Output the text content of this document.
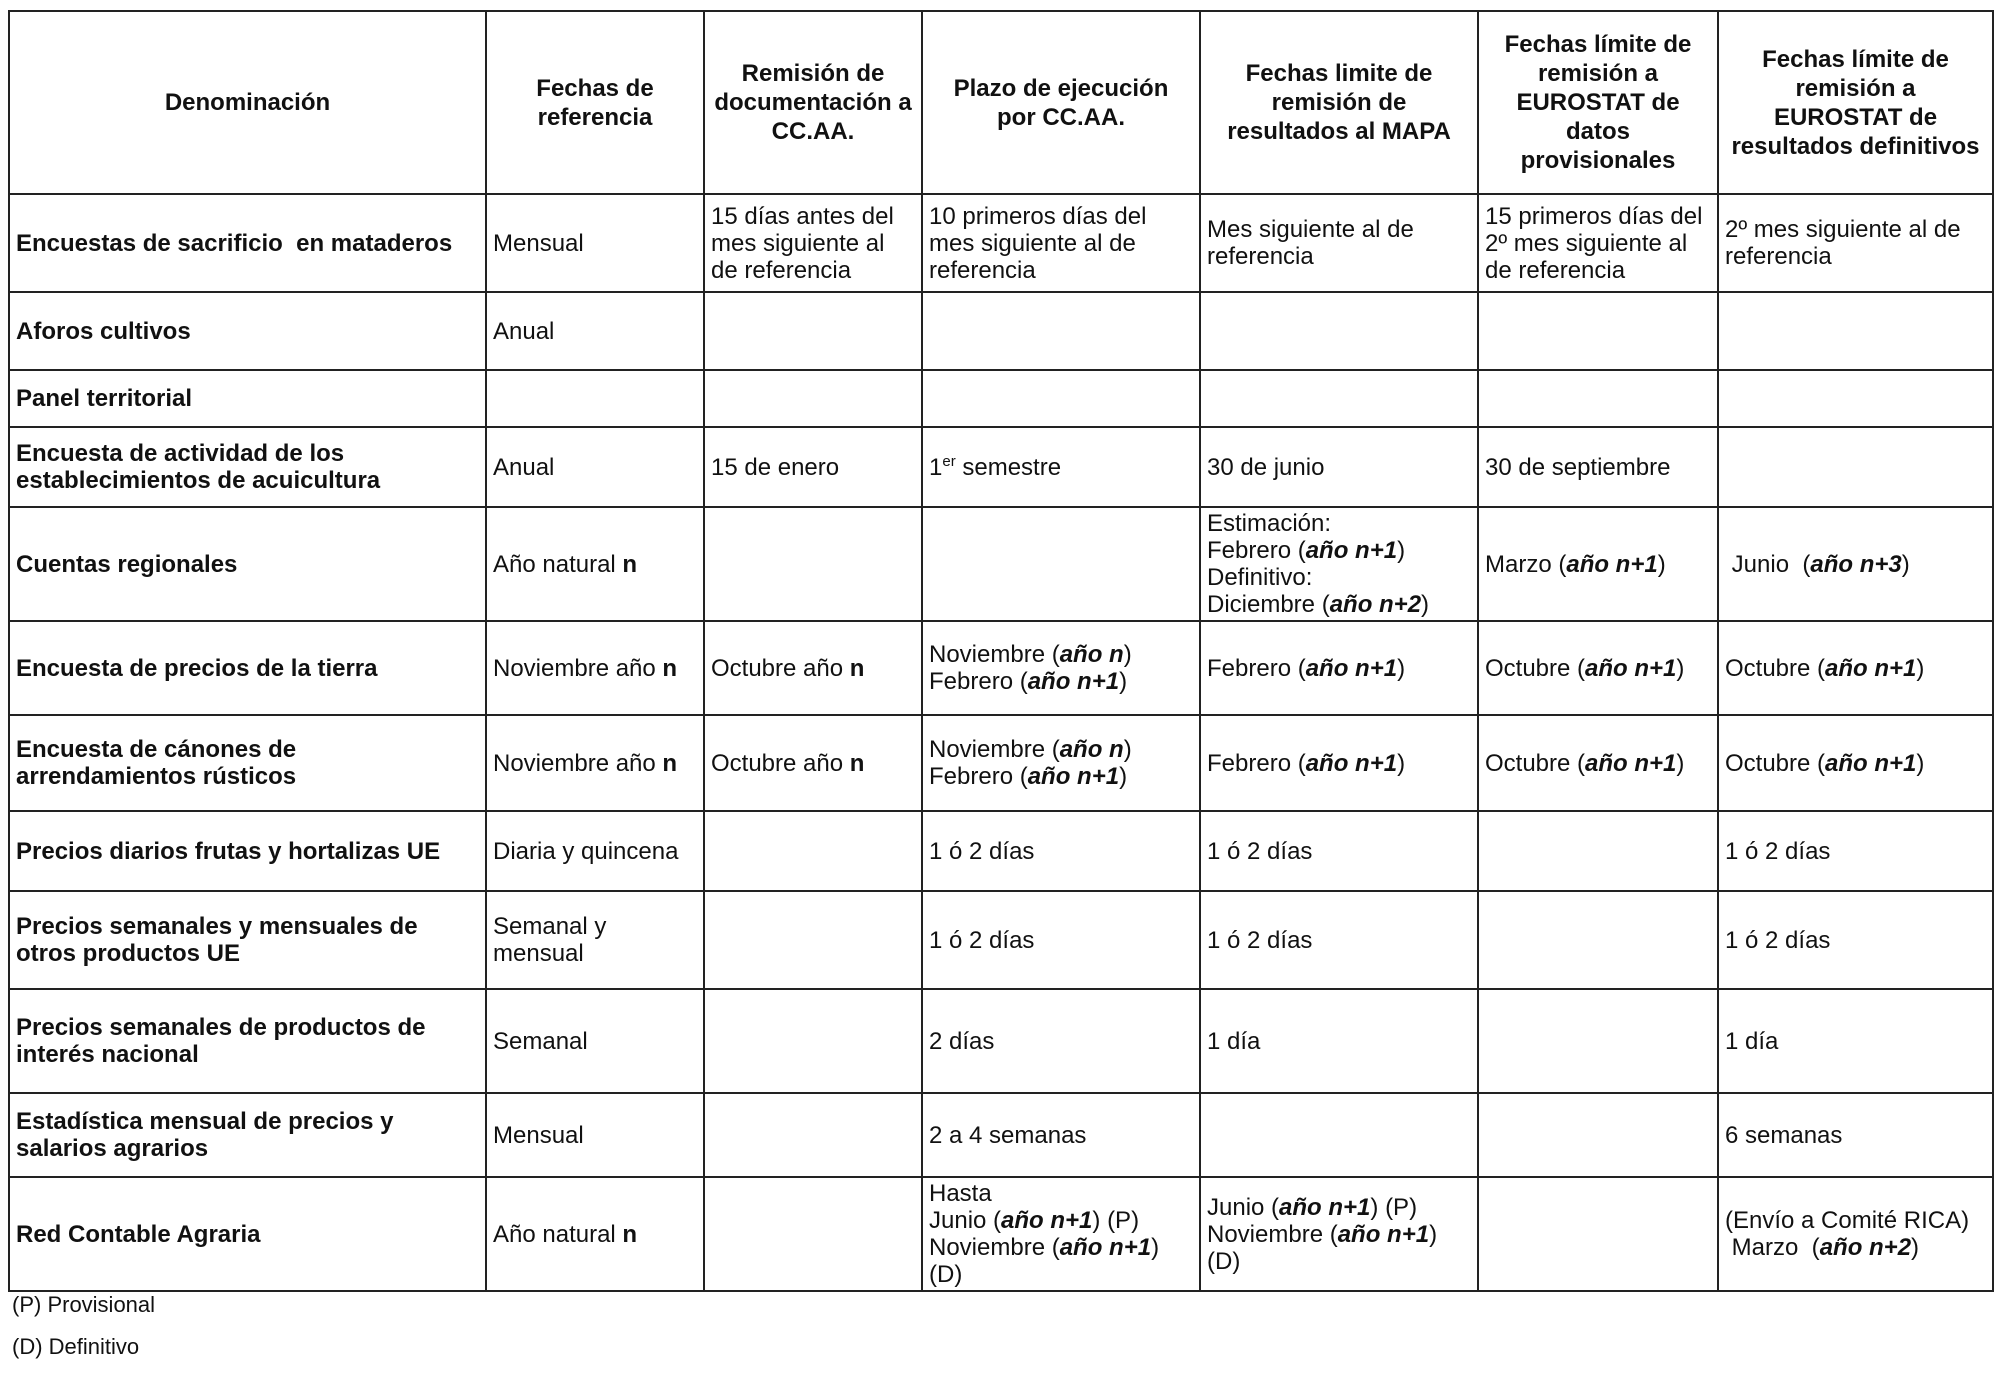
Denominación	Fechas de
referencia	Remisión de
documentación a
CC.AA.	Plazo de ejecución
por CC.AA.	Fechas limite de
remisión de
resultados al MAPA	Fechas límite de
remisión a
EUROSTAT de
datos
provisionales	Fechas límite de
remisión a
EUROSTAT de
resultados definitivos

Encuestas de sacrificio  en mataderos	Mensual	15 días antes del
mes siguiente al
de referencia	10 primeros días del
mes siguiente al de
referencia	Mes siguiente al de
referencia	15 primeros días del
2º mes siguiente al
de referencia	2º mes siguiente al de
referencia

Aforos cultivos	Anual					

Panel territorial						

Encuesta de actividad de los
establecimientos de acuicultura	Anual	15 de enero	1er semestre	30 de junio	30 de septiembre	

Cuentas regionales	Año natural n			Estimación:
Febrero (año n+1)
Definitivo:
Diciembre (año n+2)	Marzo (año n+1)	Junio  (año n+3)

Encuesta de precios de la tierra	Noviembre año n	Octubre año n	Noviembre (año n)
Febrero (año n+1)	Febrero (año n+1)	Octubre (año n+1)	Octubre (año n+1)

Encuesta de cánones de
arrendamientos rústicos	Noviembre año n	Octubre año n	Noviembre (año n)
Febrero (año n+1)	Febrero (año n+1)	Octubre (año n+1)	Octubre (año n+1)

Precios diarios frutas y hortalizas UE	Diaria y quincena		1 ó 2 días	1 ó 2 días		1 ó 2 días

Precios semanales y mensuales de
otros productos UE	Semanal y
mensual		1 ó 2 días	1 ó 2 días		1 ó 2 días

Precios semanales de productos de
interés nacional	Semanal		2 días	1 día		1 día

Estadística mensual de precios y
salarios agrarios	Mensual		2 a 4 semanas			6 semanas

Red Contable Agraria	Año natural n		Hasta
Junio (año n+1) (P)
Noviembre (año n+1)
(D)	Junio (año n+1) (P)
Noviembre (año n+1)
(D)		(Envío a Comité RICA)
Marzo  (año n+2)
(P) Provisional
(D) Definitivo
